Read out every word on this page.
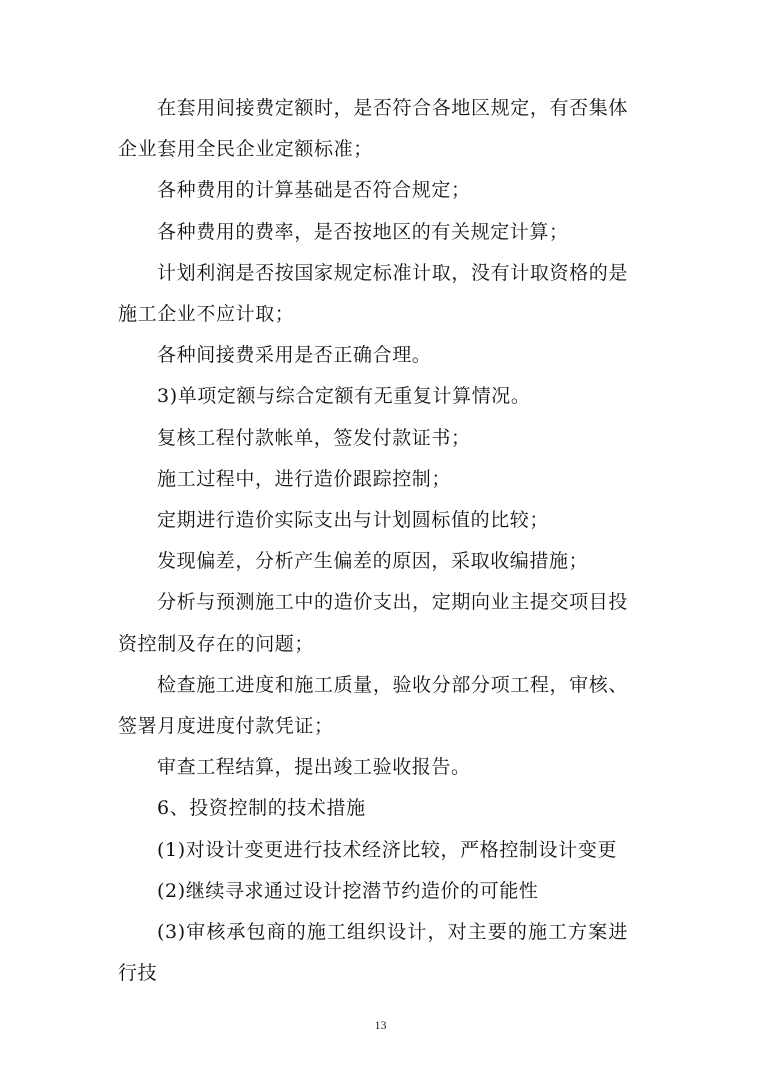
在套用间接费定额时，是否符合各地区规定，有否集体企业套用全民企业定额标准；

各种费用的计算基础是否符合规定；

各种费用的费率，是否按地区的有关规定计算；

计划利润是否按国家规定标准计取，没有计取资格的是施工企业不应计取；

各种间接费采用是否正确合理。

3)单项定额与综合定额有无重复计算情况。

复核工程付款帐单，签发付款证书；

施工过程中，进行造价跟踪控制；

定期进行造价实际支出与计划圆标值的比较；

发现偏差，分析产生偏差的原因，采取收编措施；

分析与预测施工中的造价支出，定期向业主提交项目投资控制及存在的问题；

检查施工进度和施工质量，验收分部分项工程，审核、签署月度进度付款凭证；

审查工程结算，提出竣工验收报告。

6、投资控制的技术措施

(1)对设计变更进行技术经济比较，严格控制设计变更

(2)继续寻求通过设计挖潜节约造价的可能性

(3)审核承包商的施工组织设计，对主要的施工方案进行技

13
